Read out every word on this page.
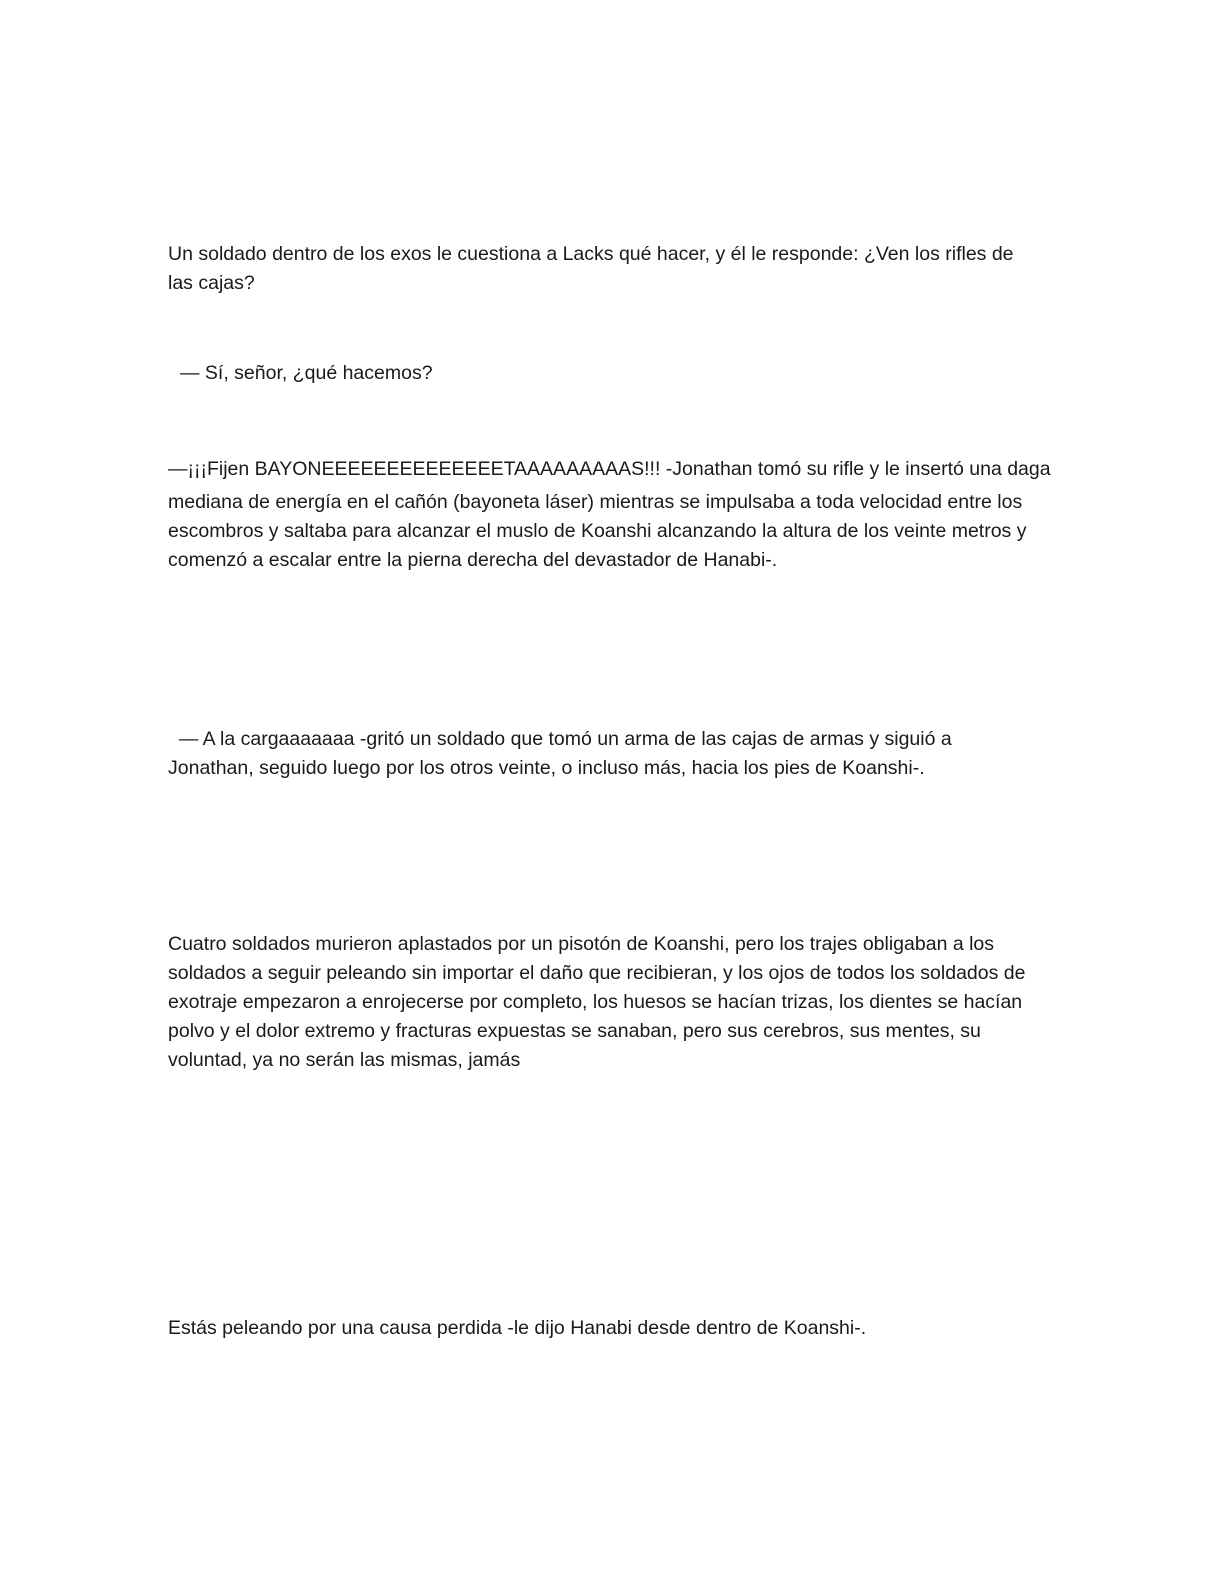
Un soldado dentro de los exos le cuestiona a Lacks qué hacer, y él le responde: ¿Ven los rifles de
las cajas?

— Sí, señor, ¿qué hacemos?

—¡¡¡Fijen BAYONEEEEEEEEEEEEEETAAAAAAAAAS!!! -Jonathan tomó su rifle y le insertó una daga
mediana de energía en el cañón (bayoneta láser) mientras se impulsaba a toda velocidad entre los
escombros y saltaba para alcanzar el muslo de Koanshi alcanzando la altura de los veinte metros y
comenzó a escalar entre la pierna derecha del devastador de Hanabi-.

— A la cargaaaaaaa -gritó un soldado que tomó un arma de las cajas de armas y siguió a
Jonathan, seguido luego por los otros veinte, o incluso más, hacia los pies de Koanshi-.

Cuatro soldados murieron aplastados por un pisotón de Koanshi, pero los trajes obligaban a los
soldados a seguir peleando sin importar el daño que recibieran, y los ojos de todos los soldados de
exotraje empezaron a enrojecerse por completo, los huesos se hacían trizas, los dientes se hacían
polvo y el dolor extremo y fracturas expuestas se sanaban, pero sus cerebros, sus mentes, su
voluntad, ya no serán las mismas, jamás

Estás peleando por una causa perdida -le dijo Hanabi desde dentro de Koanshi-.
